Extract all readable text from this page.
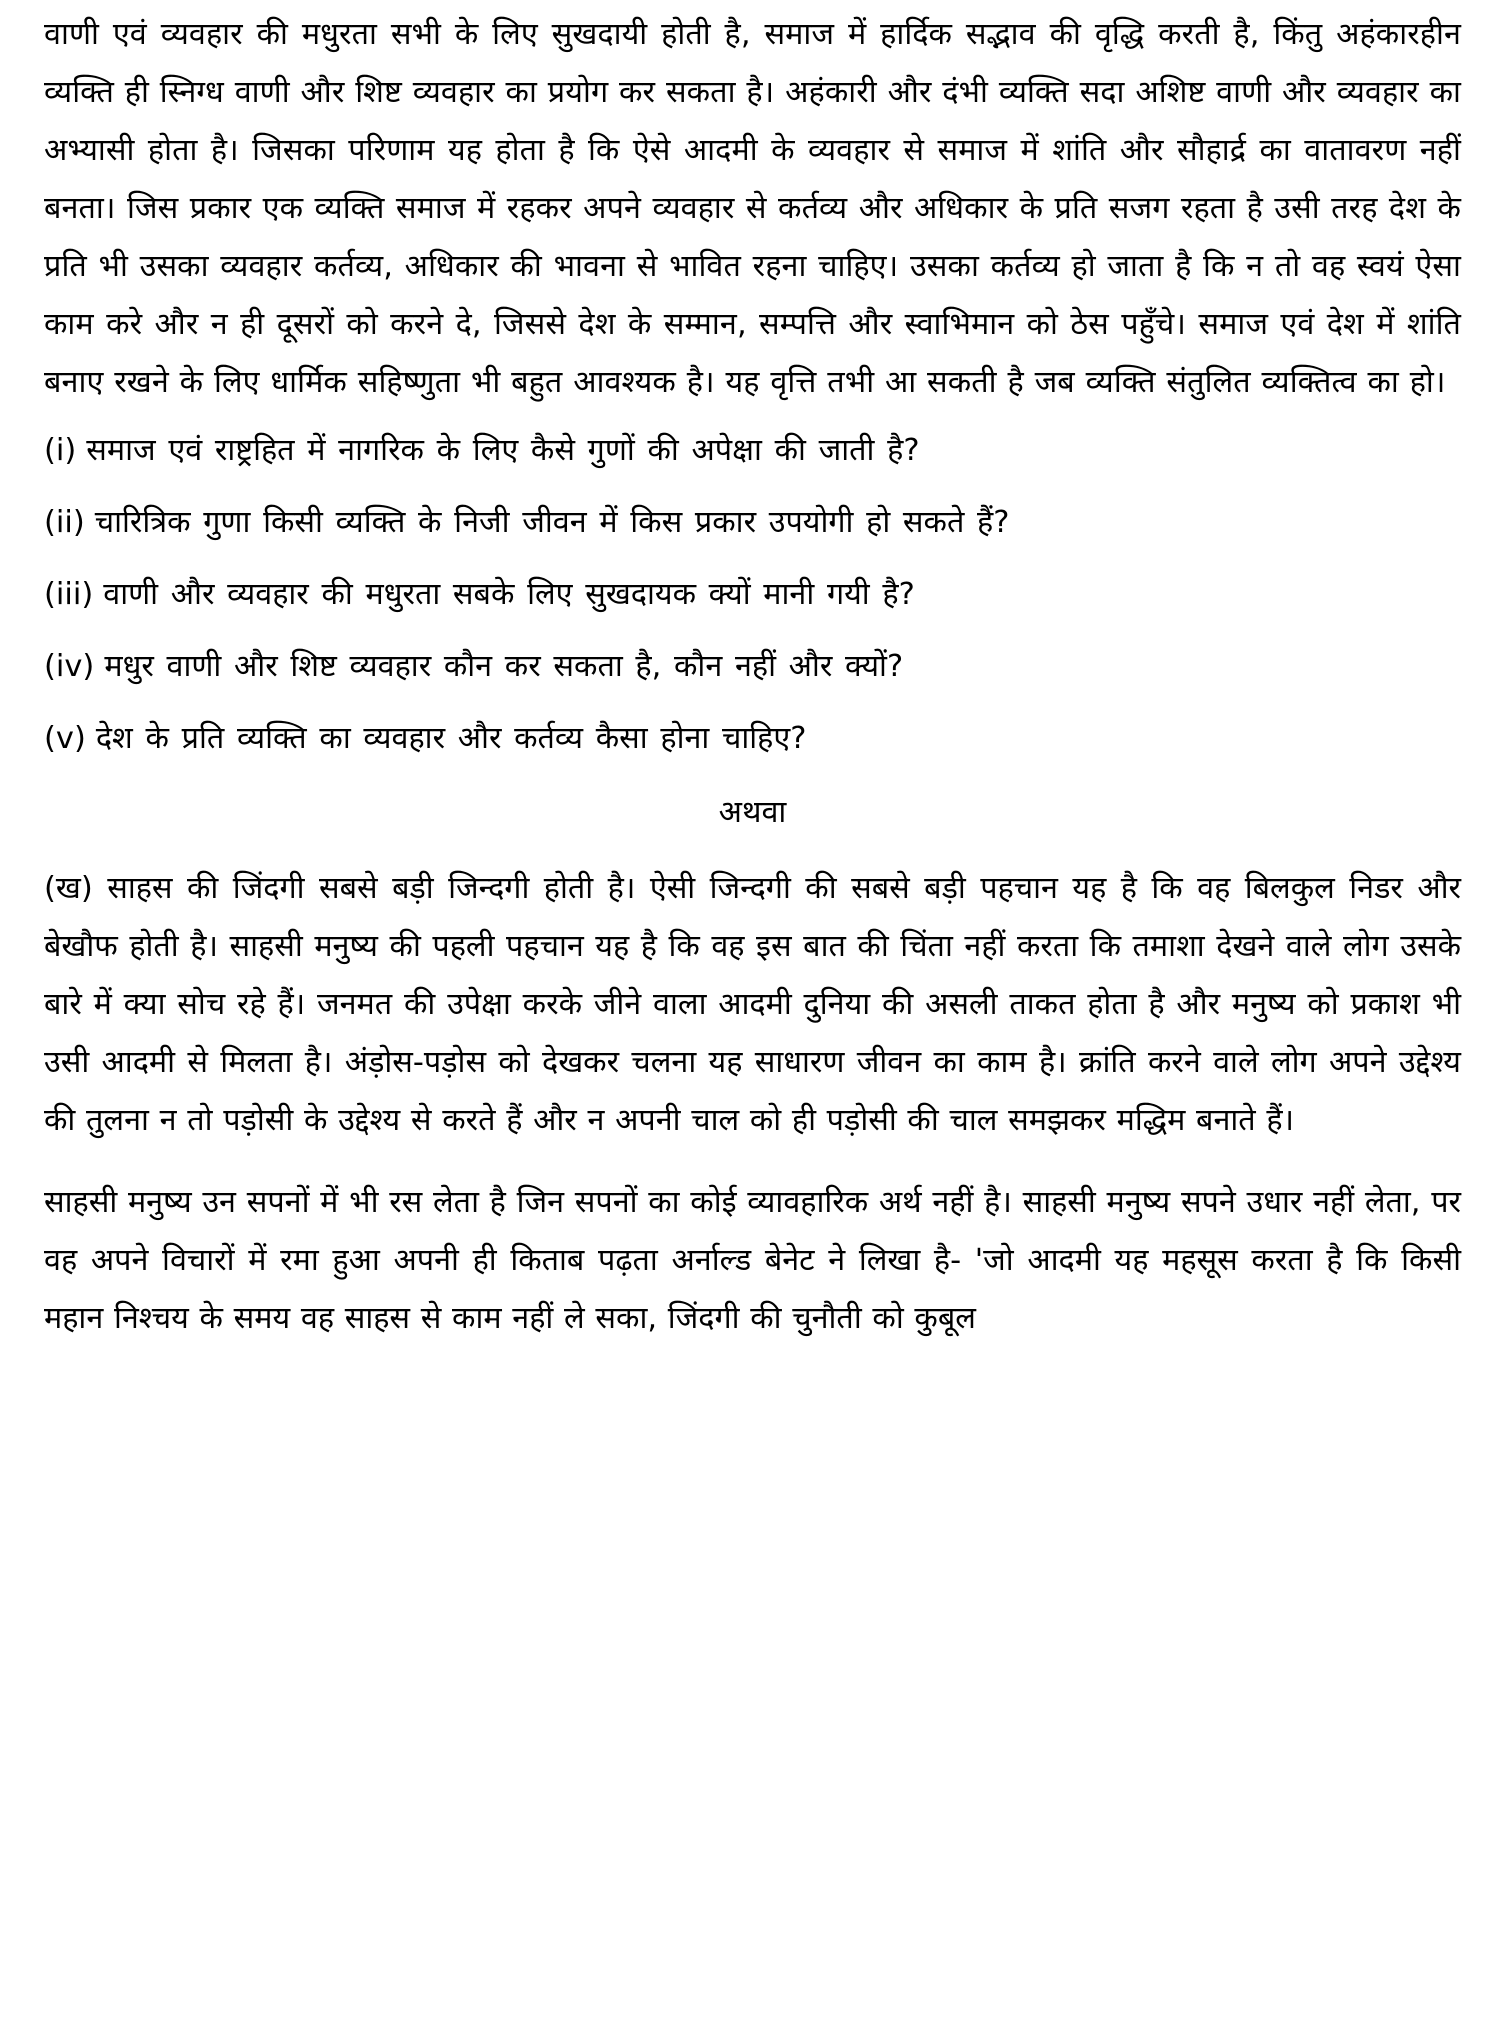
वाणी एवं व्यवहार की मधुरता सभी के लिए सुखदायी होती है, समाज में हार्दिक सद्भाव की वृद्धि करती है, किंतु अहंकारहीन व्यक्ति ही स्निग्ध वाणी और शिष्ट व्यवहार का प्रयोग कर सकता है। अहंकारी और दंभी व्यक्ति सदा अशिष्ट वाणी और व्यवहार का अभ्यासी होता है। जिसका परिणाम यह होता है कि ऐसे आदमी के व्यवहार से समाज में शांति और सौहार्द्र का वातावरण नहीं बनता। जिस प्रकार एक व्यक्ति समाज में रहकर अपने व्यवहार से कर्तव्य और अधिकार के प्रति सजग रहता है उसी तरह देश के प्रति भी उसका व्यवहार कर्तव्य, अधिकार की भावना से भावित रहना चाहिए। उसका कर्तव्य हो जाता है कि न तो वह स्वयं ऐसा काम करे और न ही दूसरों को करने दे, जिससे देश के सम्मान, सम्पत्ति और स्वाभिमान को ठेस पहुँचे। समाज एवं देश में शांति बनाए रखने के लिए धार्मिक सहिष्णुता भी बहुत आवश्यक है। यह वृत्ति तभी आ सकती है जब व्यक्ति संतुलित व्यक्तित्व का हो।

(i) समाज एवं राष्ट्रहित में नागरिक के लिए कैसे गुणों की अपेक्षा की जाती है?
(ii) चारित्रिक गुणा किसी व्यक्ति के निजी जीवन में किस प्रकार उपयोगी हो सकते हैं?
(iii) वाणी और व्यवहार की मधुरता सबके लिए सुखदायक क्यों मानी गयी है?
(iv) मधुर वाणी और शिष्ट व्यवहार कौन कर सकता है, कौन नहीं और क्यों?
(v) देश के प्रति व्यक्ति का व्यवहार और कर्तव्य कैसा होना चाहिए?
अथवा

(ख) साहस की जिंदगी सबसे बड़ी जिन्दगी होती है। ऐसी जिन्दगी की सबसे बड़ी पहचान यह है कि वह बिलकुल निडर और बेखौफ होती है। साहसी मनुष्य की पहली पहचान यह है कि वह इस बात की चिंता नहीं करता कि तमाशा देखने वाले लोग उसके बारे में क्या सोच रहे हैं। जनमत की उपेक्षा करके जीने वाला आदमी दुनिया की असली ताकत होता है और मनुष्य को प्रकाश भी उसी आदमी से मिलता है। अंड़ोस-पड़ोस को देखकर चलना यह साधारण जीवन का काम है। क्रांति करने वाले लोग अपने उद्देश्य की तुलना न तो पड़ोसी के उद्देश्य से करते हैं और न अपनी चाल को ही पड़ोसी की चाल समझकर मद्धिम बनाते हैं।

साहसी मनुष्य उन सपनों में भी रस लेता है जिन सपनों का कोई व्यावहारिक अर्थ नहीं है। साहसी मनुष्य सपने उधार नहीं लेता, पर वह अपने विचारों में रमा हुआ अपनी ही किताब पढ़ता अर्नाल्ड बेनेट ने लिखा है- 'जो आदमी यह महसूस करता है कि किसी महान निश्चय के समय वह साहस से काम नहीं ले सका, जिंदगी की चुनौती को कुबूल
